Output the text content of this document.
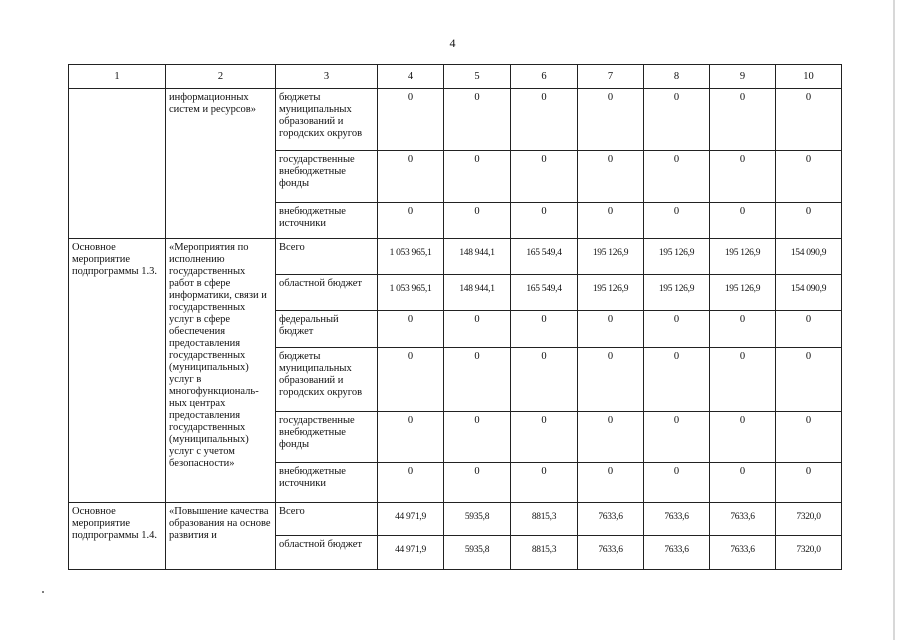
4
1	2	3	4	5	6	7	8	9	10
	информационных систем и ресурсов»	бюджеты муниципальных образований и городских округов	0	0	0	0	0	0	0
		государственные внебюджетные фонды	0	0	0	0	0	0	0
		внебюджетные источники	0	0	0	0	0	0	0
Основное мероприятие подпрограммы 1.3.	«Мероприятия по исполнению государственных работ в сфере информатики, связи и государственных услуг в сфере обеспечения предоставления государственных (муниципальных) услуг в многофункциональ-ных центрах предоставления государственных (муниципальных) услуг с учетом безопасности»	Всего	1 053 965,1	148 944,1	165 549,4	195 126,9	195 126,9	195 126,9	154 090,9
		областной бюджет	1 053 965,1	148 944,1	165 549,4	195 126,9	195 126,9	195 126,9	154 090,9
		федеральный бюджет	0	0	0	0	0	0	0
		бюджеты муниципальных образований и городских округов	0	0	0	0	0	0	0
		государственные внебюджетные фонды	0	0	0	0	0	0	0
		внебюджетные источники	0	0	0	0	0	0	0
Основное мероприятие подпрограммы 1.4.	«Повышение качества образования на основе развития и	Всего	44 971,9	5935,8	8815,3	7633,6	7633,6	7633,6	7320,0
		областной бюджет	44 971,9	5935,8	8815,3	7633,6	7633,6	7633,6	7320,0
